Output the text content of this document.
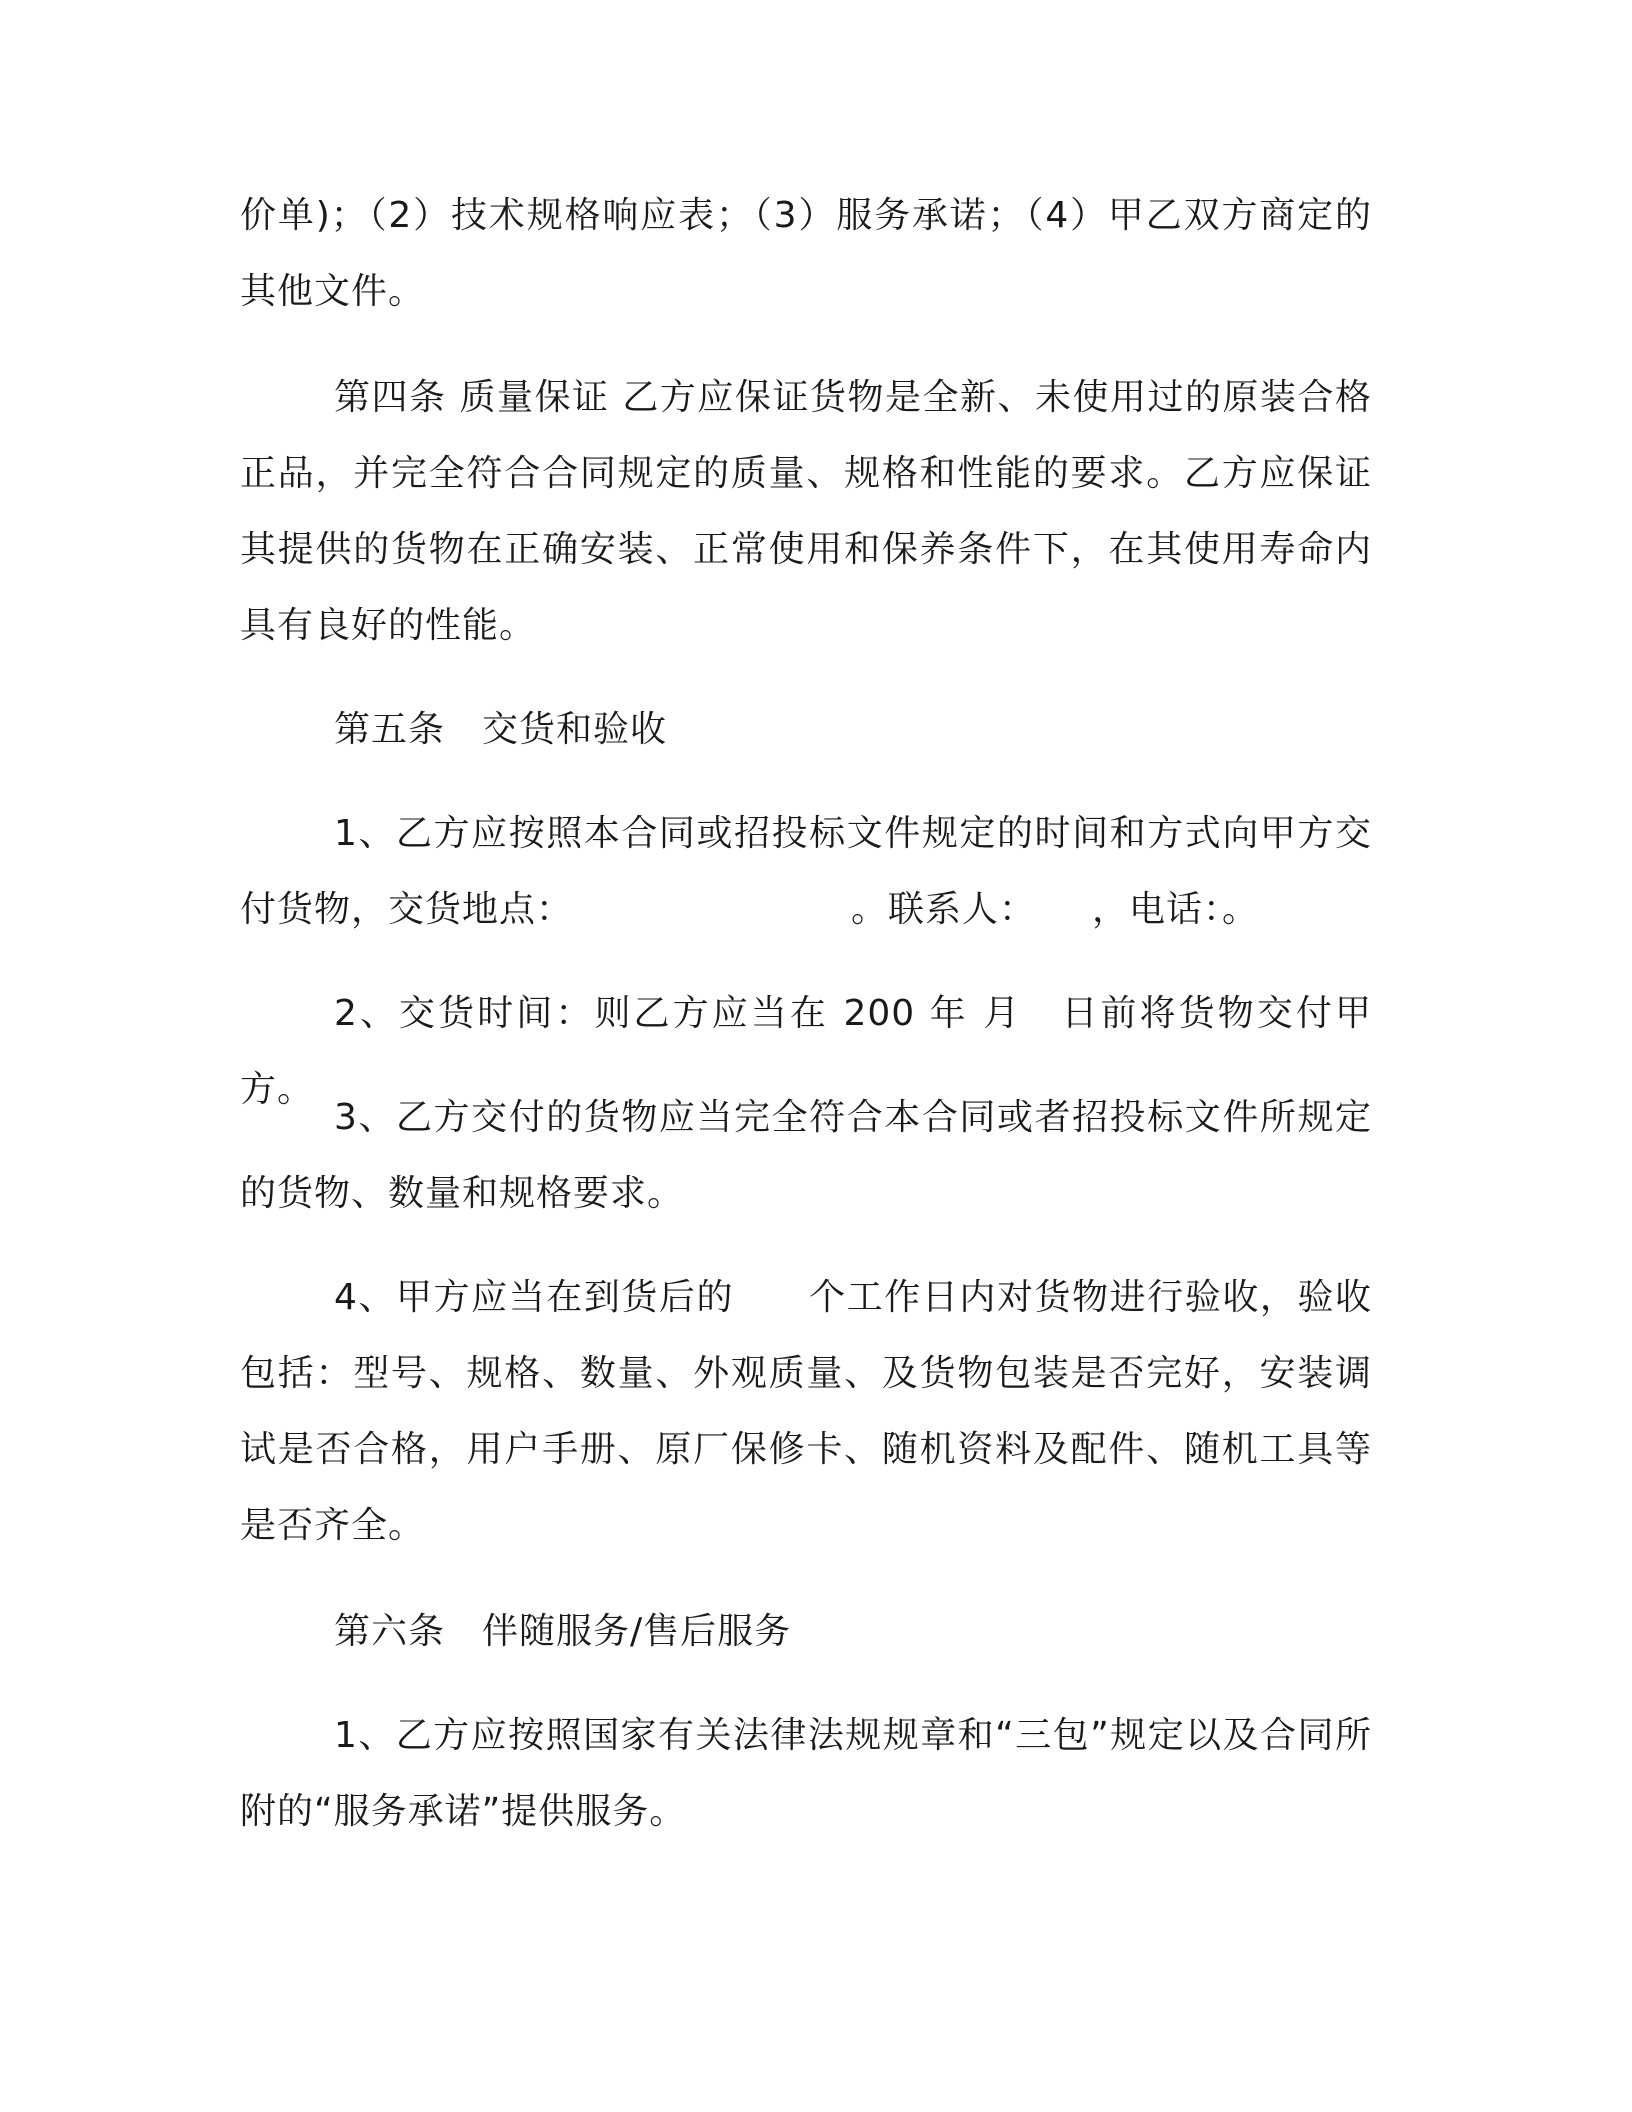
价单)；（2）技术规格响应表；（3）服务承诺；（4）甲乙双方商定的其他文件。

第四条 质量保证 乙方应保证货物是全新、未使用过的原装合格正品，并完全符合合同规定的质量、规格和性能的要求。乙方应保证其提供的货物在正确安装、正常使用和保养条件下，在其使用寿命内具有良好的性能。

第五条　交货和验收

1、乙方应按照本合同或招投标文件规定的时间和方式向甲方交付货物，交货地点：　　　　　　　　。联系人：　　，电话：。

2、交货时间：则乙方应当在 200 年 月　日前将货物交付甲方。

3、乙方交付的货物应当完全符合本合同或者招投标文件所规定的货物、数量和规格要求。

4、甲方应当在到货后的　　个工作日内对货物进行验收，验收包括：型号、规格、数量、外观质量、及货物包装是否完好，安装调试是否合格，用户手册、原厂保修卡、随机资料及配件、随机工具等是否齐全。

第六条　伴随服务/售后服务

1、乙方应按照国家有关法律法规规章和“三包”规定以及合同所附的“服务承诺”提供服务。
